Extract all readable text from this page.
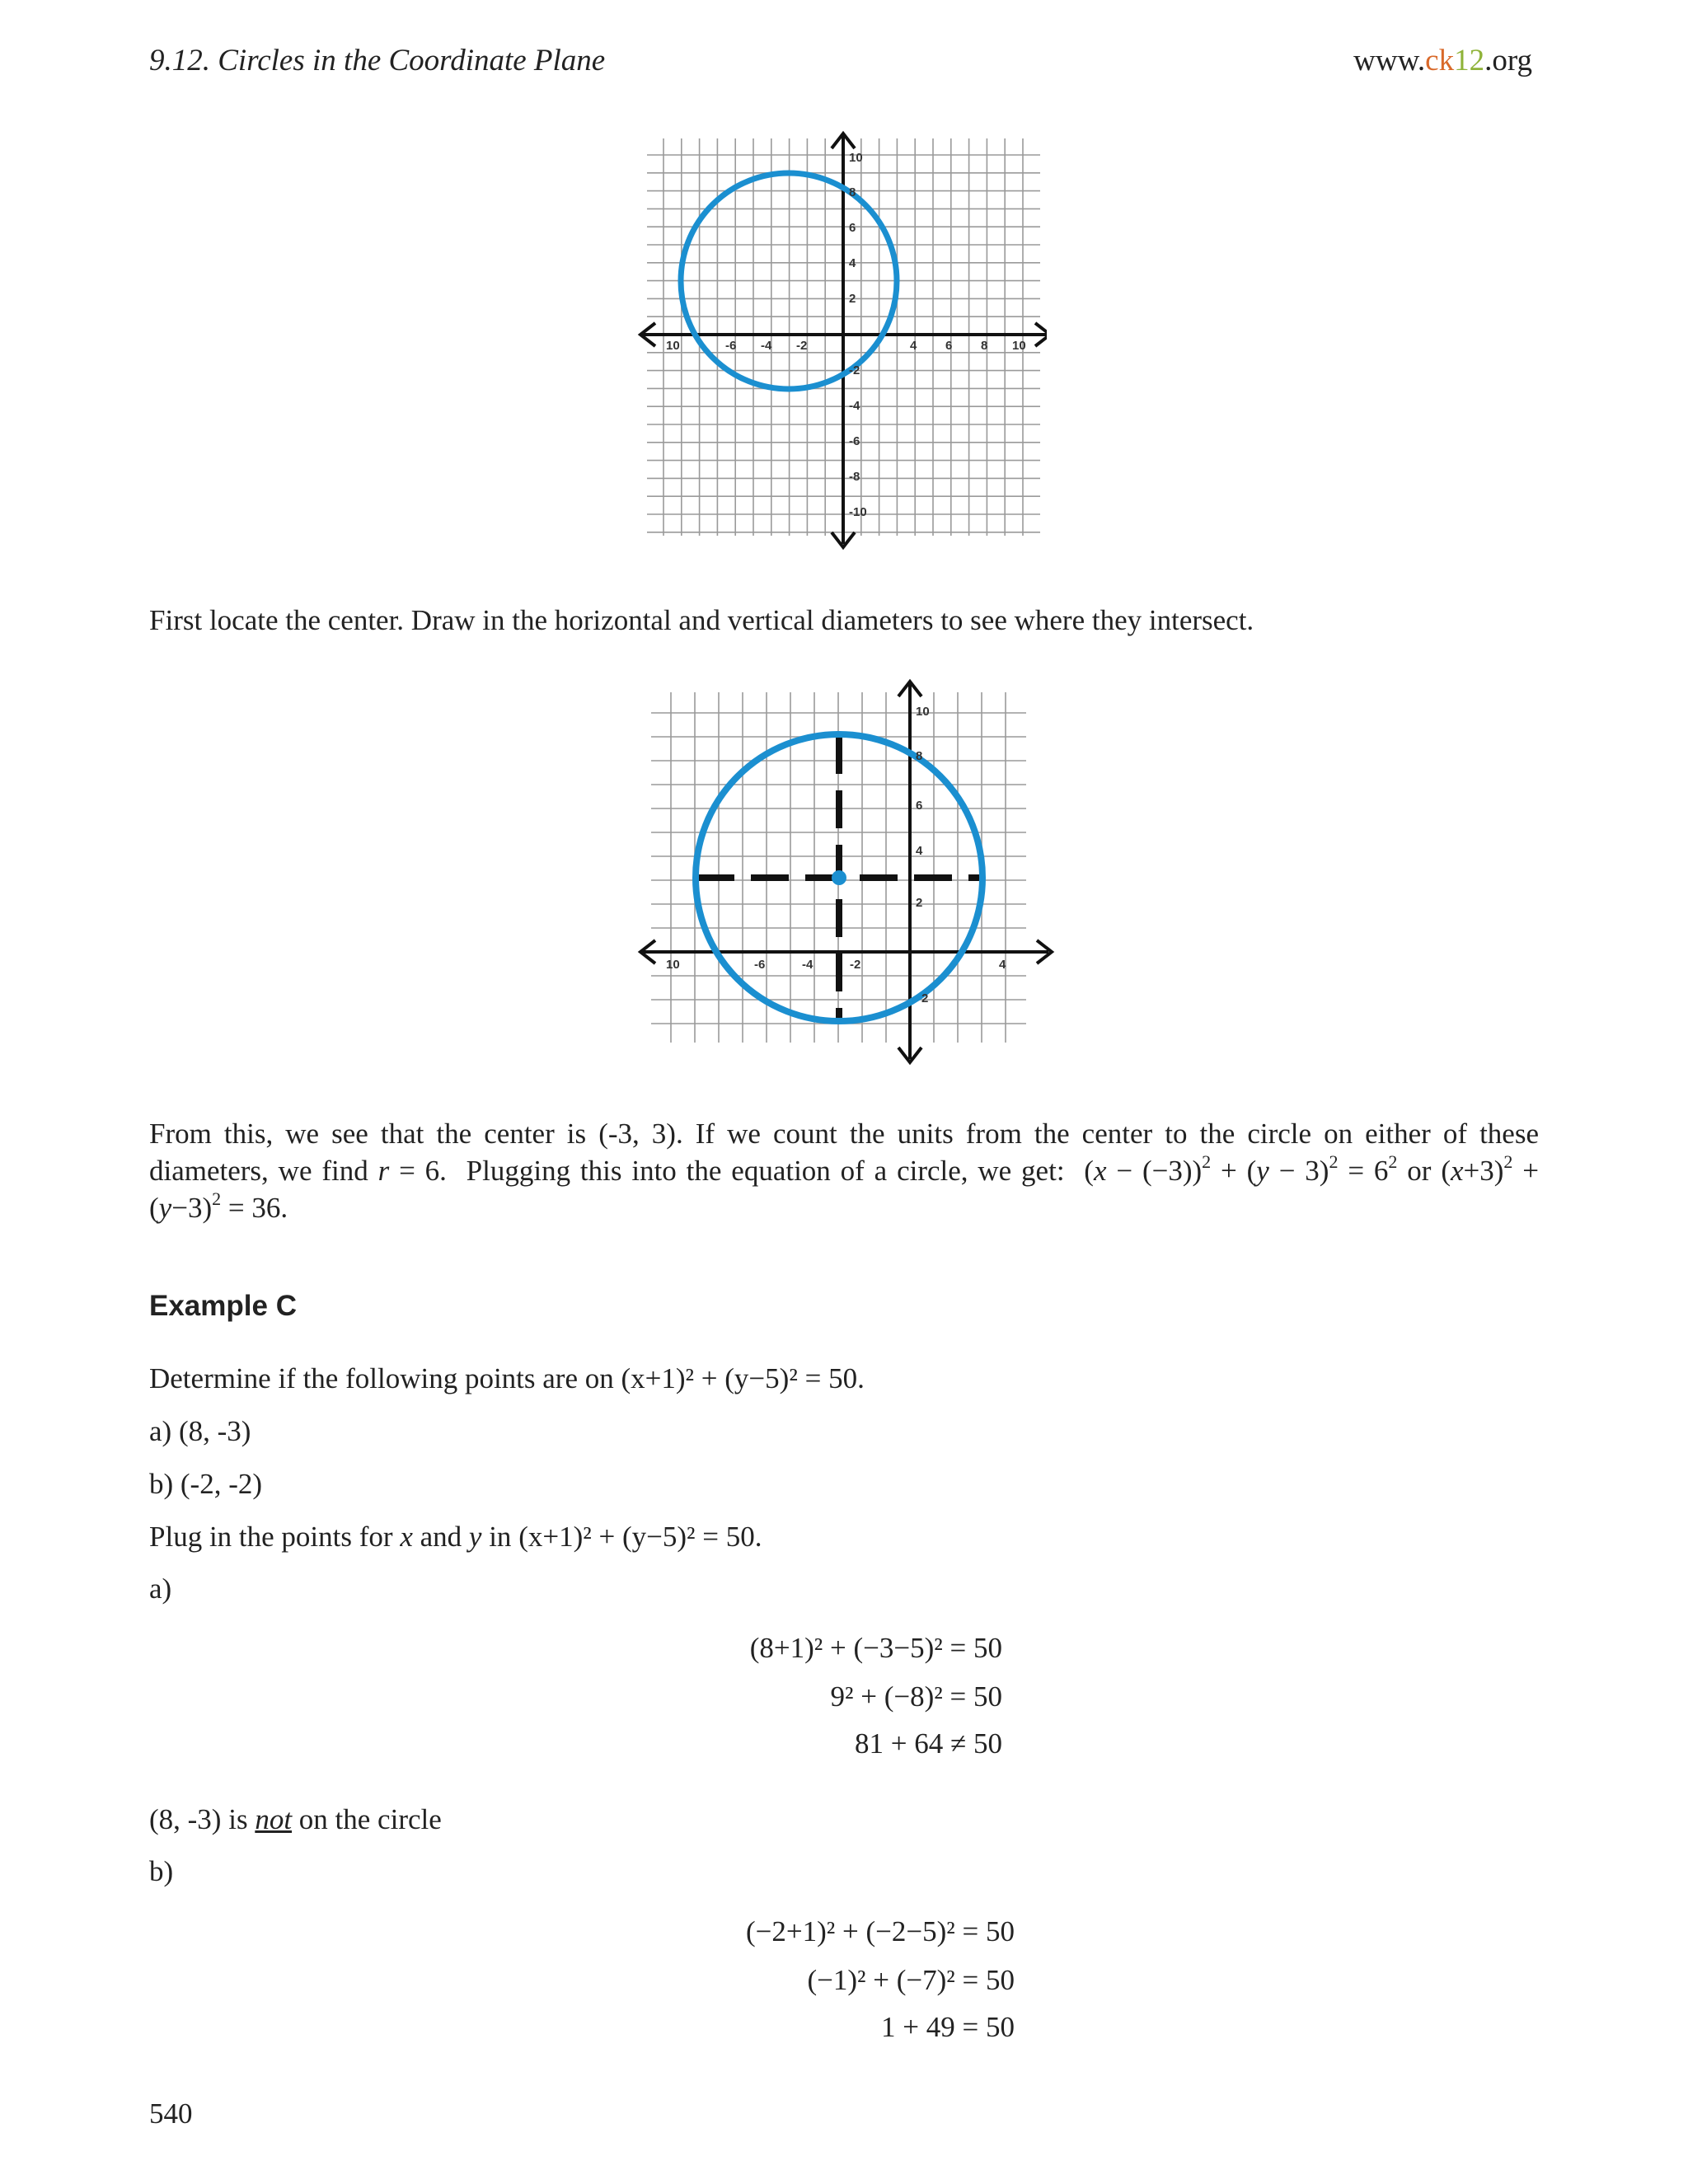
9.12. Circles in the Coordinate Plane	www.ck12.org
10	-6 -4 -2	4 6 8 10
10
8
6
4
2
-2
-4
-6
-8
-10
First locate the center. Draw in the horizontal and vertical diameters to see where they intersect.
10	-6	-4	-2	4
10
8
6
4
2
2
From this, we see that the center is (-3, 3). If we count the units from the center to the circle on either of these diameters, we find r = 6.  Plugging this into the equation of a circle, we get:  $(x - (-3))^2 + (y - 3)^2 = 6^2$ or $(x+3)^2 + (y-3)^2 = 36$.
Example C
Determine if the following points are on (x+1)² + (y−5)² = 50.
a) (8, -3)
b) (-2, -2)
Plug in the points for x and y in (x+1)² + (y−5)² = 50.
a)
(8+1)² + (−3−5)² = 50
9² + (−8)² = 50
81 + 64 ≠ 50
(8, -3) is not on the circle
b)
(−2+1)² + (−2−5)² = 50
(−1)² + (−7)² = 50
1 + 49 = 50
540
